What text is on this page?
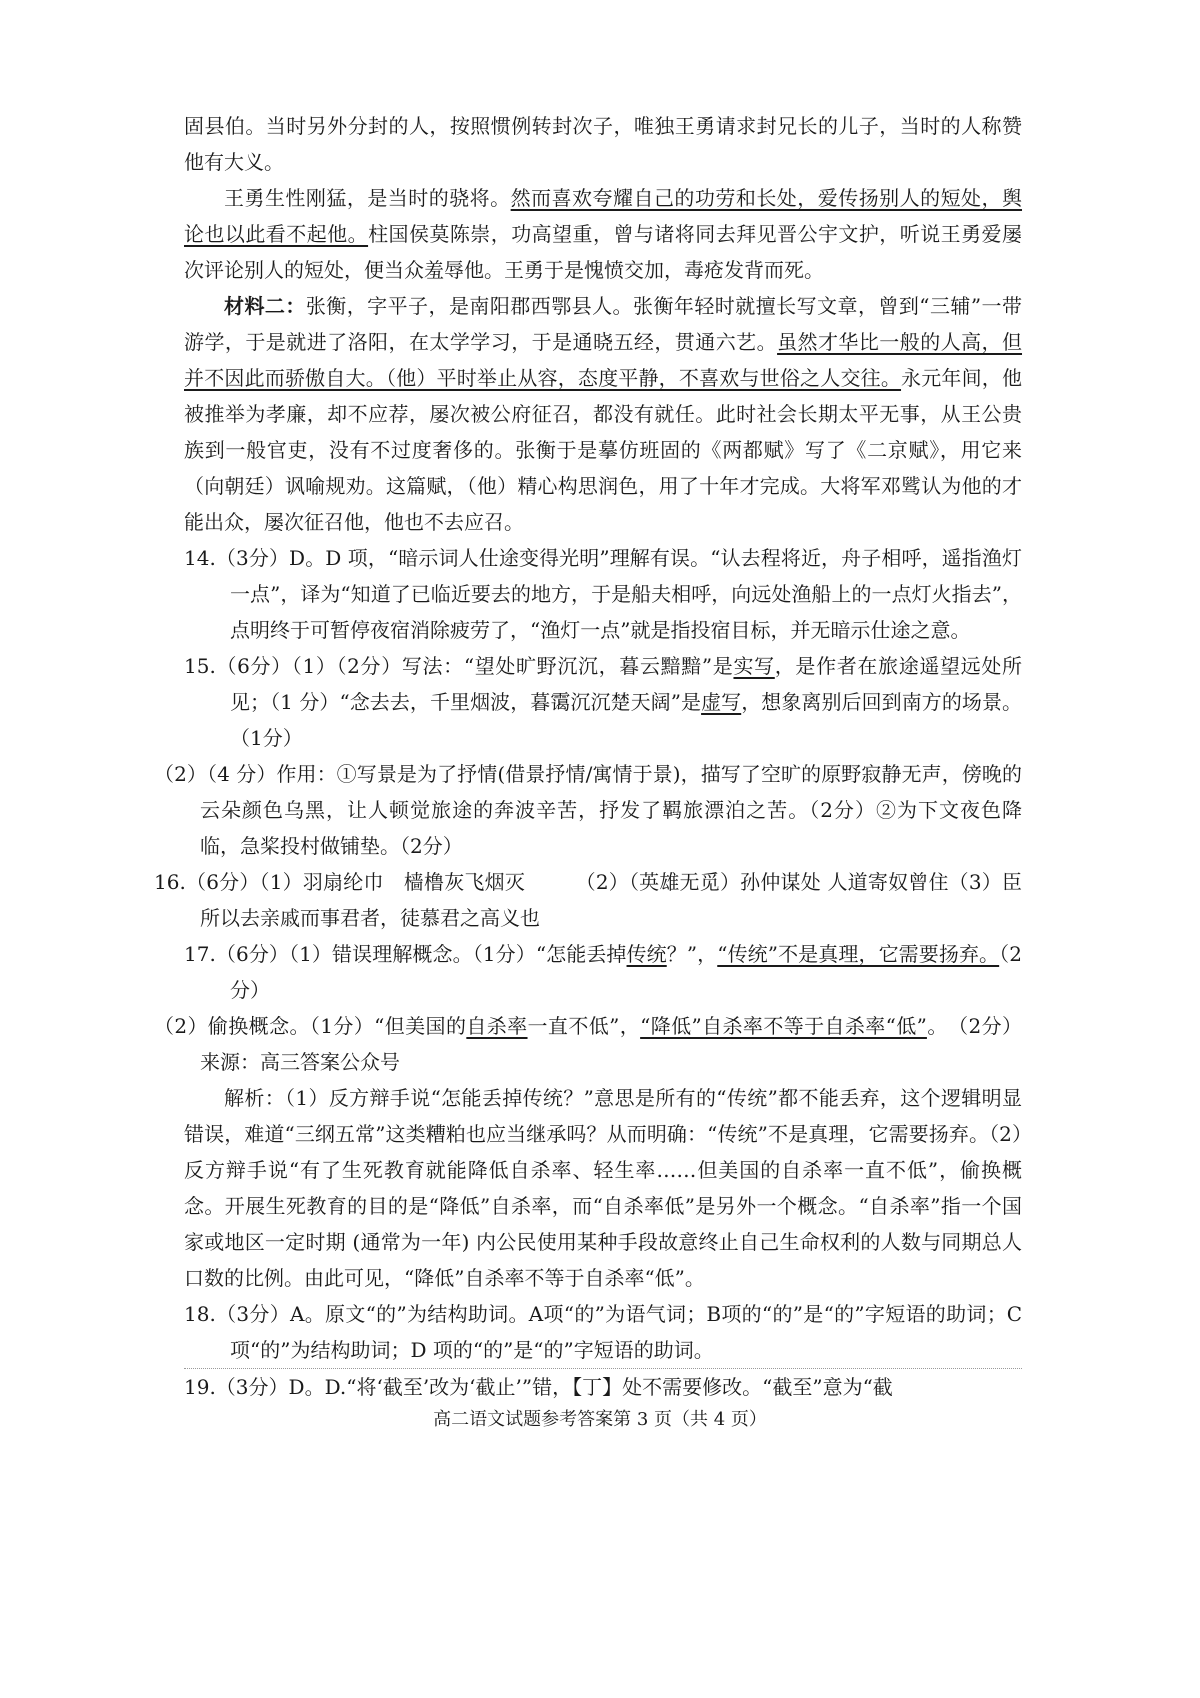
固县伯。当时另外分封的人，按照惯例转封次子，唯独王勇请求封兄长的儿子，当时的人称赞他有大义。

王勇生性刚猛，是当时的骁将。然而喜欢夸耀自己的功劳和长处，爱传扬别人的短处，舆论也以此看不起他。柱国侯莫陈崇，功高望重，曾与诸将同去拜见晋公宇文护，听说王勇爱屡次评论别人的短处，便当众羞辱他。王勇于是愧愤交加，毒疮发背而死。

材料二：张衡，字平子，是南阳郡西鄂县人。张衡年轻时就擅长写文章，曾到“三辅”一带游学，于是就进了洛阳，在太学学习，于是通晓五经，贯通六艺。虽然才华比一般的人高，但并不因此而骄傲自大。（他）平时举止从容，态度平静，不喜欢与世俗之人交往。永元年间，他被推举为孝廉，却不应荐，屡次被公府征召，都没有就任。此时社会长期太平无事，从王公贵族到一般官吏，没有不过度奢侈的。张衡于是摹仿班固的《两都赋》写了《二京赋》，用它来（向朝廷）讽喻规劝。这篇赋，（他）精心构思润色，用了十年才完成。大将军邓骘认为他的才能出众，屡次征召他，他也不去应召。

14.（3分）D。D 项，“暗示词人仕途变得光明”理解有误。“认去程将近，舟子相呼，遥指渔灯一点”，译为“知道了已临近要去的地方，于是船夫相呼，向远处渔船上的一点灯火指去”，点明终于可暂停夜宿消除疲劳了，“渔灯一点”就是指投宿目标，并无暗示仕途之意。

15.（6分）（1）（2分）写法：“望处旷野沉沉，暮云黯黯”是实写，是作者在旅途遥望远处所见；（1 分）“念去去，千里烟波，暮霭沉沉楚天阔”是虚写，想象离别后回到南方的场景。（1分）

（2）（4 分）作用：①写景是为了抒情(借景抒情/寓情于景)，描写了空旷的原野寂静无声，傍晚的云朵颜色乌黑，让人顿觉旅途的奔波辛苦，抒发了羁旅漂泊之苦。（2分）②为下文夜色降临，急桨投村做铺垫。（2分）

16.（6分）（1）羽扇纶巾　樯橹灰飞烟灭　　　（2）（英雄无觅）孙仲谋处 人道寄奴曾住（3）臣所以去亲戚而事君者，徒慕君之高义也

17.（6分）（1）错误理解概念。（1分）“怎能丢掉传统？”，“传统”不是真理，它需要扬弃。（2分）

（2）偷换概念。（1分）“但美国的自杀率一直不低”，“降低”自杀率不等于自杀率“低”。　（2分）来源：高三答案公众号

解析：（1）反方辩手说“怎能丢掉传统？”意思是所有的“传统”都不能丢弃，这个逻辑明显错误，难道“三纲五常”这类糟粕也应当继承吗？从而明确：“传统”不是真理，它需要扬弃。（2）反方辩手说“有了生死教育就能降低自杀率、轻生率……但美国的自杀率一直不低”，偷换概念。开展生死教育的目的是“降低”自杀率，而“自杀率低”是另外一个概念。“自杀率”指一个国家或地区一定时期 (通常为一年) 内公民使用某种手段故意终止自己生命权利的人数与同期总人口数的比例。由此可见，“降低”自杀率不等于自杀率“低”。

18.（3分）A。原文“的”为结构助词。A项“的”为语气词；B项的“的”是“的”字短语的助词；C 项“的”为结构助词；D 项的“的”是“的”字短语的助词。

19.（3分）D。D.“将‘截至’改为‘截止’”错，【丁】处不需要修改。“截至”意为“截

高二语文试题参考答案第 3 页（共 4 页）
